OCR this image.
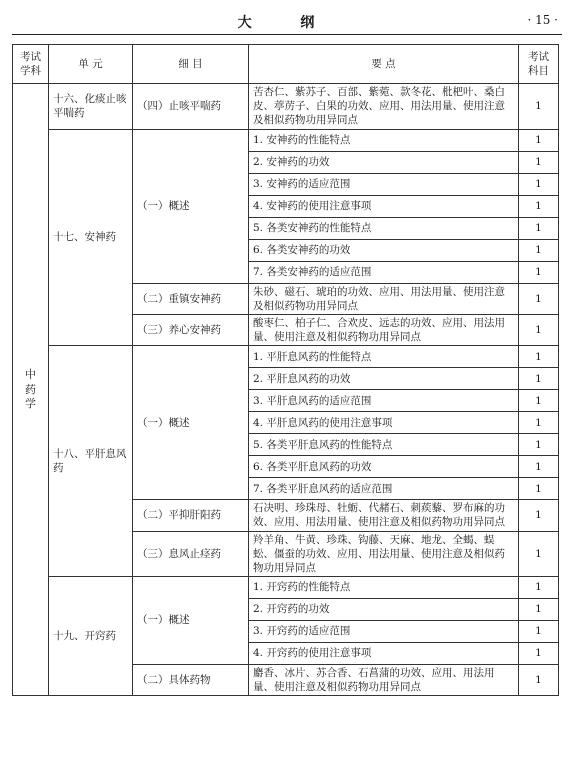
大 纲	· 15 ·
考试学科	单 元	细 目	要 点	考试科目

中药学	十六、化痰止咳平喘药	（四）止咳平喘药	苦杏仁、紫苏子、百部、紫菀、款冬花、枇杷叶、桑白皮、葶苈子、白果的功效、应用、用法用量、使用注意及相似药物功用异同点	1
	十七、安神药	（一）概述	1. 安神药的性能特点	1
			2. 安神药的功效	1
			3. 安神药的适应范围	1
			4. 安神药的使用注意事项	1
			5. 各类安神药的性能特点	1
			6. 各类安神药的功效	1
			7. 各类安神药的适应范围	1
		（二）重镇安神药	朱砂、磁石、琥珀的功效、应用、用法用量、使用注意及相似药物功用异同点	1
		（三）养心安神药	酸枣仁、柏子仁、合欢皮、远志的功效、应用、用法用量、使用注意及相似药物功用异同点	1
	十八、平肝息风药	（一）概述	1. 平肝息风药的性能特点	1
			2. 平肝息风药的功效	1
			3. 平肝息风药的适应范围	1
			4. 平肝息风药的使用注意事项	1
			5. 各类平肝息风药的性能特点	1
			6. 各类平肝息风药的功效	1
			7. 各类平肝息风药的适应范围	1
		（二）平抑肝阳药	石决明、珍珠母、牡蛎、代赭石、刺蒺藜、罗布麻的功效、应用、用法用量、使用注意及相似药物功用异同点	1
		（三）息风止痉药	羚羊角、牛黄、珍珠、钩藤、天麻、地龙、全蝎、蜈蚣、僵蚕的功效、应用、用法用量、使用注意及相似药物功用异同点	1
	十九、开窍药	（一）概述	1. 开窍药的性能特点	1
			2. 开窍药的功效	1
			3. 开窍药的适应范围	1
			4. 开窍药的使用注意事项	1
		（二）具体药物	麝香、冰片、苏合香、石菖蒲的功效、应用、用法用量、使用注意及相似药物功用异同点	1
